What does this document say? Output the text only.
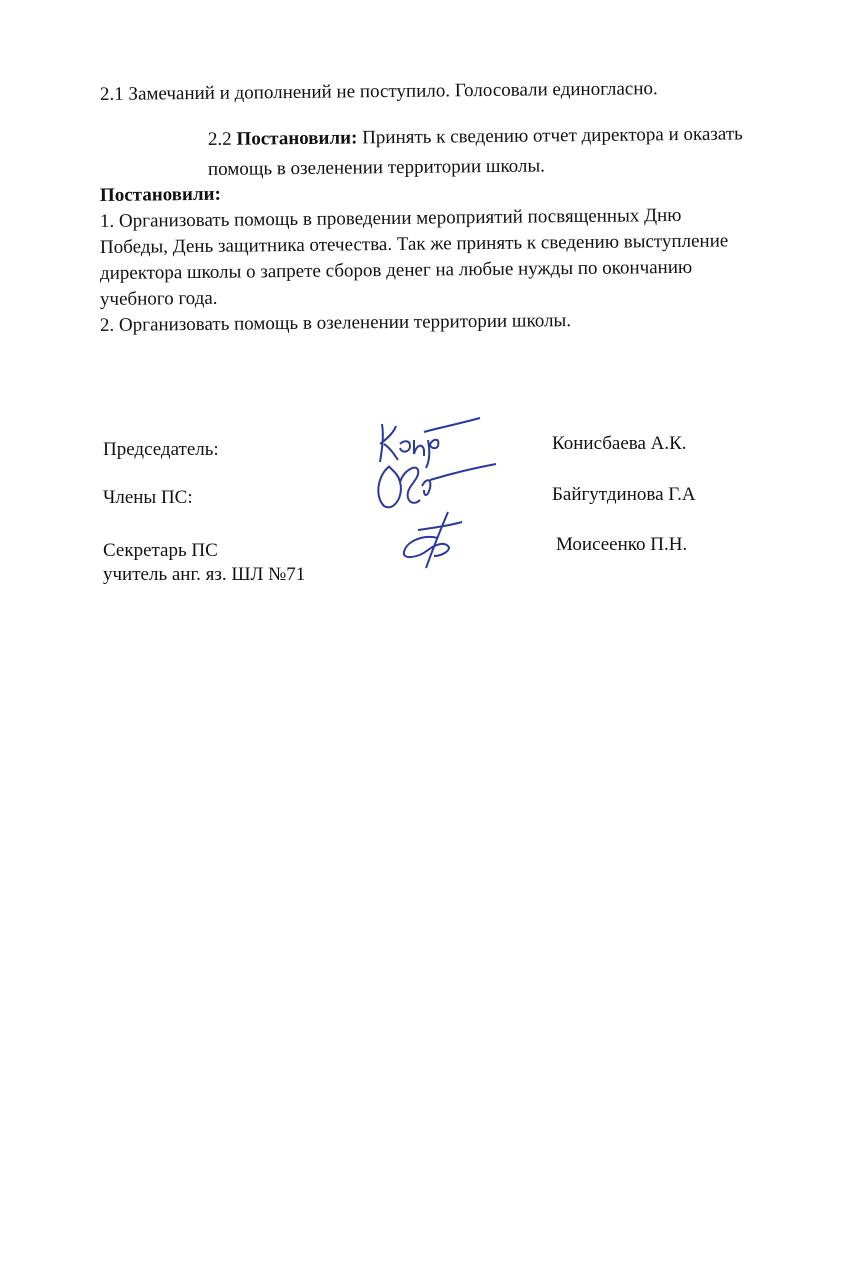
2.1 Замечаний и дополнений не поступило. Голосовали единогласно.
2.2 Постановили: Принять к сведению отчет директора и оказать
помощь в озеленении территории школы.
Постановили:
1. Организовать помощь в проведении мероприятий посвященных Дню
Победы, День защитника отечества. Так же принять к сведению выступление
директора школы о запрете сборов денег на любые нужды по окончанию
учебного года.
2. Организовать помощь в озеленении территории школы.
Председатель:	Конисбаева А.К.
Члены ПС:	Байгутдинова Г.А
Секретарь ПС
учитель анг. яз. ШЛ №71
Моисеенко П.Н.
